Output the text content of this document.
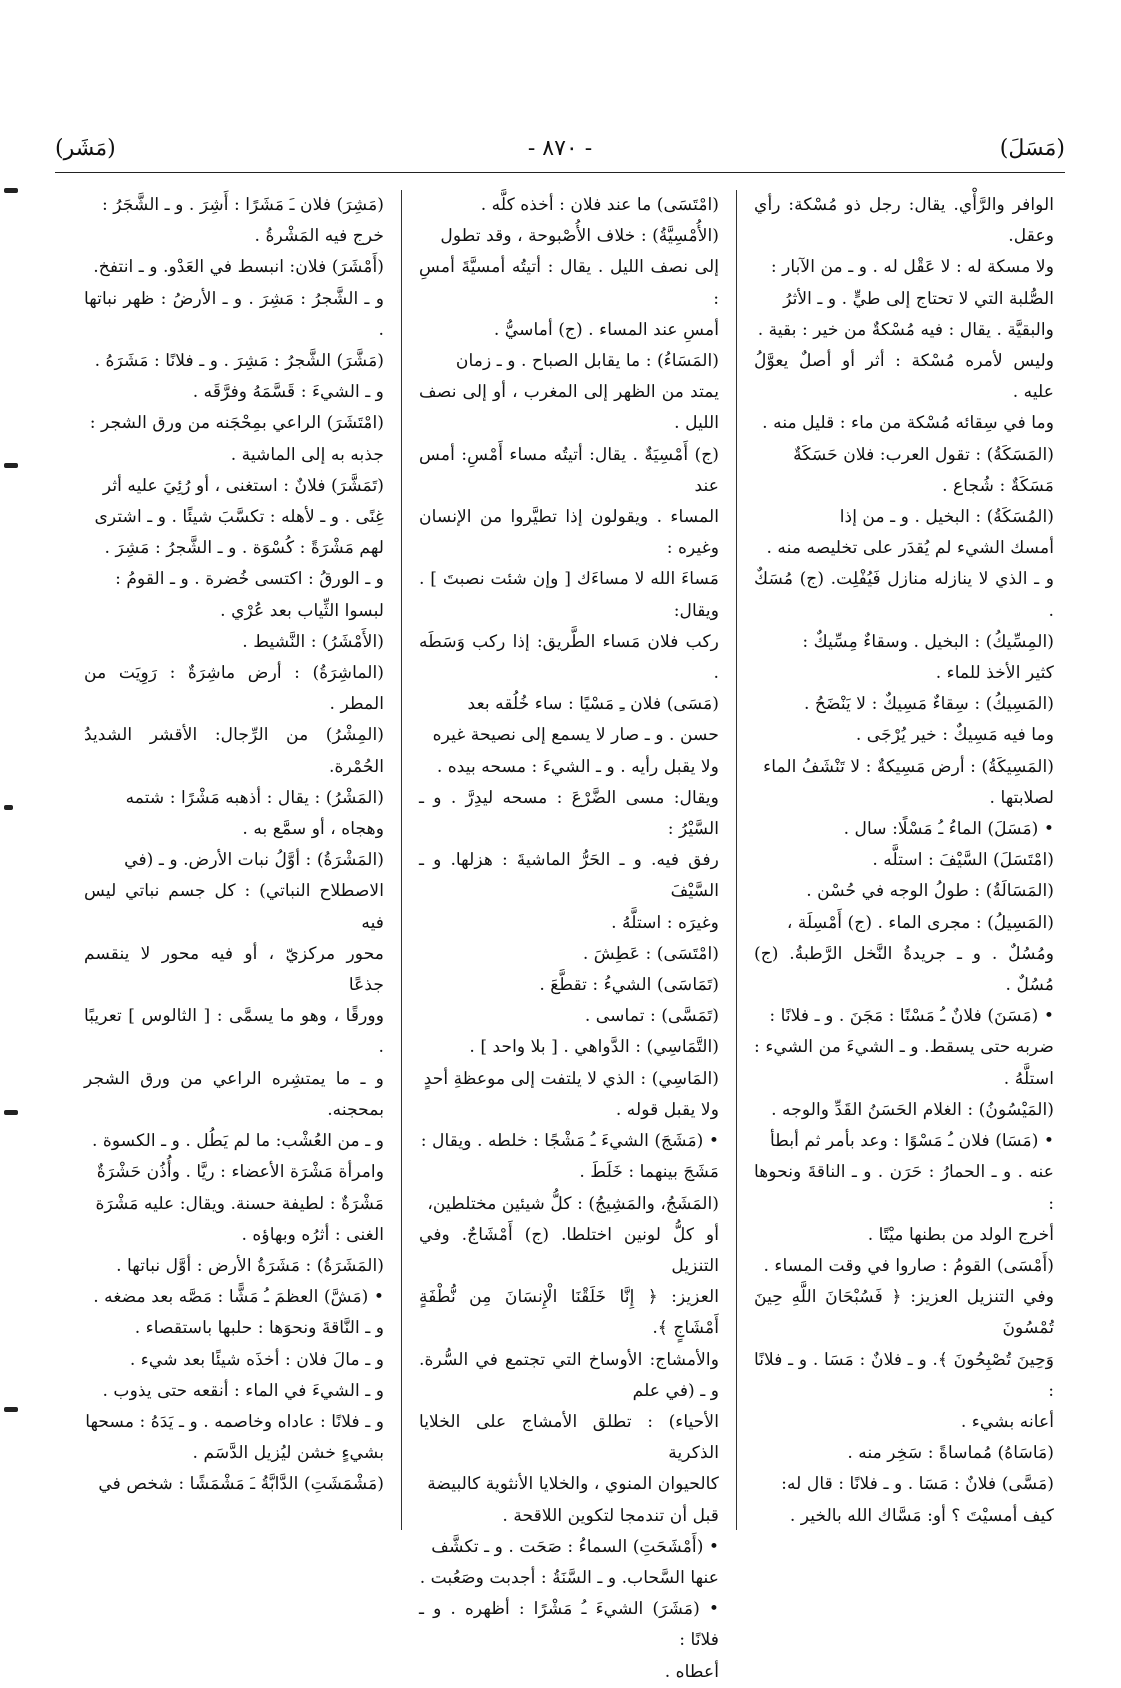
(مَسَلَ)
- ٨٧٠ -
(مَشَر)

الوافر والرَّأْي. يقال: رجل ذو مُسْكة: رأي وعقل.

ولا مسكة له : لا عَقْل له . و ـ من الآبار :

الصُّلبة التي لا تحتاج إلى طيٍّ . و ـ الأثرُ

والبقيَّة . يقال : فيه مُسْكةٌ من خير : بقية .

وليس لأمره مُسْكة : أثر أو أصلٌ يعوَّلُ عليه .

وما في سِقائه مُسْكة من ماء : قليل منه .

(المَسَكَةُ) : تقول العرب: فلان حَسَكَةٌ

مَسَكَةٌ : شُجاع .

(المُسَكَةُ) : البخيل . و ـ من إذا

أمسك الشيء لم يُقدَر على تخليصه منه .

و ـ الذي لا ينازله منازل فَيُفْلِت. (ج) مُسَكٌ .

(المِسِّيكُ) : البخيل . وسقاءٌ مِسِّيكٌ :

كثير الأخذ للماء .

(المَسِيكُ) : سِقاءٌ مَسِيكٌ : لا يَنْضَحُ .

وما فيه مَسِيكٌ : خير يُرْجَى .

(المَسِيكَةُ) : أرض مَسِيكةٌ : لا تَنْشَفُ الماء

لصلابتها .

• (مَسَلَ) الماءُ ـُ مَسْلًا: سال .

(امْتَسَلَ) السَّيْفَ : استلَّه .

(المَسَالَةُ) : طولُ الوجه في حُسْن .

(المَسِيلُ) : مجرى الماء . (ج) أَمْسِلَة ،

ومُسُلٌ . و ـ جريدةُ النَّخل الرَّطبةُ. (ج) مُسُلٌ .

• (مَسَنَ) فلانٌ ـُ مَسْنًا : مَجَنَ . و ـ فلانًا :

ضربه حتى يسقط. و ـ الشيءَ من الشيء : استلَّهُ .

(المَيْسُونُ) : الغلام الحَسَنُ القَدِّ والوجه .

• (مَسَا) فلان ـُ مَسْوًا : وعد بأمر ثم أبطأ

عنه . و ـ الحمارُ : حَرَن . و ـ الناقةَ ونحوها :

أخرج الولد من بطنها ميْتًا .

(أَمْسَى) القومُ : صاروا في وقت المساء .

وفي التنزيل العزيز: ﴿ فَسُبْحَانَ اللَّهِ حِينَ تُمْسُونَ

وَحِينَ تُصْبِحُونَ ﴾. و ـ فلانٌ : مَسَا . و ـ فلانًا :

أعانه بشيء .

(مَاسَاهُ) مُماساةً : سَخِر منه .

(مَسَّى) فلانٌ : مَسَا . و ـ فلانًا : قال له:

كيف أمسيْتَ ؟ أو: مَسَّاك الله بالخير .

(امْتَسَى) ما عند فلان : أخذه كلَّه .

(الأُمْسِيَّةُ) : خلاف الأُصْبوحة ، وقد تطول

إلى نصف الليل . يقال : أتيتُه أمسيَّةَ أمسِ :

أمسِ عند المساء . (ج) أماسيُّ .

(المَسَاءُ) : ما يقابل الصباح . و ـ زمان

يمتد من الظهر إلى المغرب ، أو إلى نصف الليل .

(ج) أَمْسِيَةٌ . يقال: أتيتُه مساء أَمْسِ: أمس عند

المساء . ويقولون إذا تطيَّروا من الإنسان وغيره :

مَساءَ الله لا مساءَك [ وإن شئت نصبتَ ] . ويقال:

ركب فلان مَساء الطَّريق: إذا ركب وَسَطَه .

(مَسَى) فلان ـِ مَسْيًا : ساء خُلُقه بعد

حسن . و ـ صار لا يسمع إلى نصيحة غيره

ولا يقبل رأيه . و ـ الشيءَ : مسحه بيده .

ويقال: مسى الضَّرْعَ : مسحه ليدِرَّ . و ـ السَّيْرُ :

رفق فيه. و ـ الحَرُّ الماشيةَ : هزلها. و ـ السَّيْفَ

وغيرَه : استلَّهُ .

(امْتَسَى) : عَطِشَ .

(تَمَاسَى) الشيءُ : تقطَّعَ .

(تَمَسَّى) : تماسى .

(التَّمَاسِي) : الدَّواهي . [ بلا واحد ] .

(المَاسِي) : الذي لا يلتفت إلى موعظةِ أحدٍ

ولا يقبل قوله .

• (مَشَجَ) الشيءَ ـُ مَشْجًا : خلطه . ويقال :

مَشَجَ بينهما : خَلَطَ .

(المَشَجُ، والمَشِيجُ) : كلُّ شيئين مختلطين،

أو كلُّ لونين اختلطا. (ج) أَمْشَاجٌ. وفي التنزيل

العزيز: ﴿ إِنَّا خَلَقْنَا الْإِنسَانَ مِن نُّطْفَةٍ أَمْشَاجٍ ﴾.

والأمشاج: الأوساخ التي تجتمع في السُّرة. و ـ (في علم

الأحياء) : تطلق الأمشاج على الخلايا الذكرية

كالحيوان المنوي ، والخلايا الأنثوية كالبيضة

قبل أن تندمجا لتكوين اللاقحة .

• (أَمْشَحَتِ) السماءُ : صَحَت . و ـ تكشَّف

عنها السَّحاب. و ـ السَّنَةُ : أجدبت وصَعُبت .

• (مَشَرَ) الشيءَ ـُ مَشْرًا : أظهره . و ـ فلانًا :

أعطاه .

(مَشِرَ) فلان ـَ مَشَرًا : أَشِرَ . و ـ الشَّجَرُ :

خرج فيه المَشْرةُ .

(أَمْشَرَ) فلان: انبسط في العَدْو. و ـ انتفخ.

و ـ الشَّجرُ : مَشِرَ . و ـ الأرضُ : ظهر نباتها .

(مَشَّرَ) الشَّجرُ : مَشِرَ . و ـ فلانًا : مَشَرَهُ .

و ـ الشيءَ : قَسَّمَهُ وفرَّقَه .

(امْتَشَرَ) الراعي بمِحْجَنه من ورق الشجر :

جذبه به إلى الماشية .

(تَمَشَّرَ) فلانٌ : استغنى ، أو رُئِيَ عليه أثر

غِنًى . و ـ لأهله : تكسَّبَ شيئًا . و ـ اشترى

لهم مَشْرَةً : كُسْوَة . و ـ الشَّجرُ : مَشِرَ .

و ـ الورقُ : اكتسى خُضرة . و ـ القومُ :

لبسوا الثِّياب بعد عُرْي .

(الأَمْشَرُ) : النَّشيط .

(الماشِرَةُ) : أرض ماشِرَةٌ : رَوِيَت من المطر .

(المِشْرُ) من الرِّجال: الأقشر الشديدُ الحُمْرة.

(المَشْرُ) : يقال : أذهبه مَشْرًا : شتمه

وهجاه ، أو سمَّع به .

(المَشْرَةُ) : أوَّلُ نبات الأرض. و ـ (في

الاصطلاح النباتي) : كل جسم نباتي ليس فيه

محور مركزيّ ، أو فيه محور لا ينقسم جذعًا

وورقًا ، وهو ما يسمَّى : [ الثالوس ] تعريبًا .

و ـ ما يمتشِره الراعي من ورق الشجر بمحجنه.

و ـ من العُشْب: ما لم يَطُل . و ـ الكسوة .

وامرأة مَشْرَة الأعضاء : ريَّا . وأُذُن حَشْرَةٌ

مَشْرَةٌ : لطيفة حسنة. ويقال: عليه مَشْرَة

الغنى : أثرُه وبهاؤه .

(المَشَرَةُ) : مَشَرَةُ الأرض : أوَّل نباتها .

• (مَشَّ) العظمَ ـُ مَشًّا : مَصَّه بعد مضغه .

و ـ النَّاقةَ ونحوَها : حلبها باستقصاء .

و ـ مالَ فلان : أخذَه شيئًا بعد شيء .

و ـ الشيءَ في الماء : أنقعه حتى يذوب .

و ـ فلانًا : عاداه وخاصمه . و ـ يَدَهُ : مسحها

بشيءٍ خشن ليُزيل الدَّسَم .

(مَشْمَشَتِ) الدَّابَّةُ ـَ مَشْمَشًا : شخص في
